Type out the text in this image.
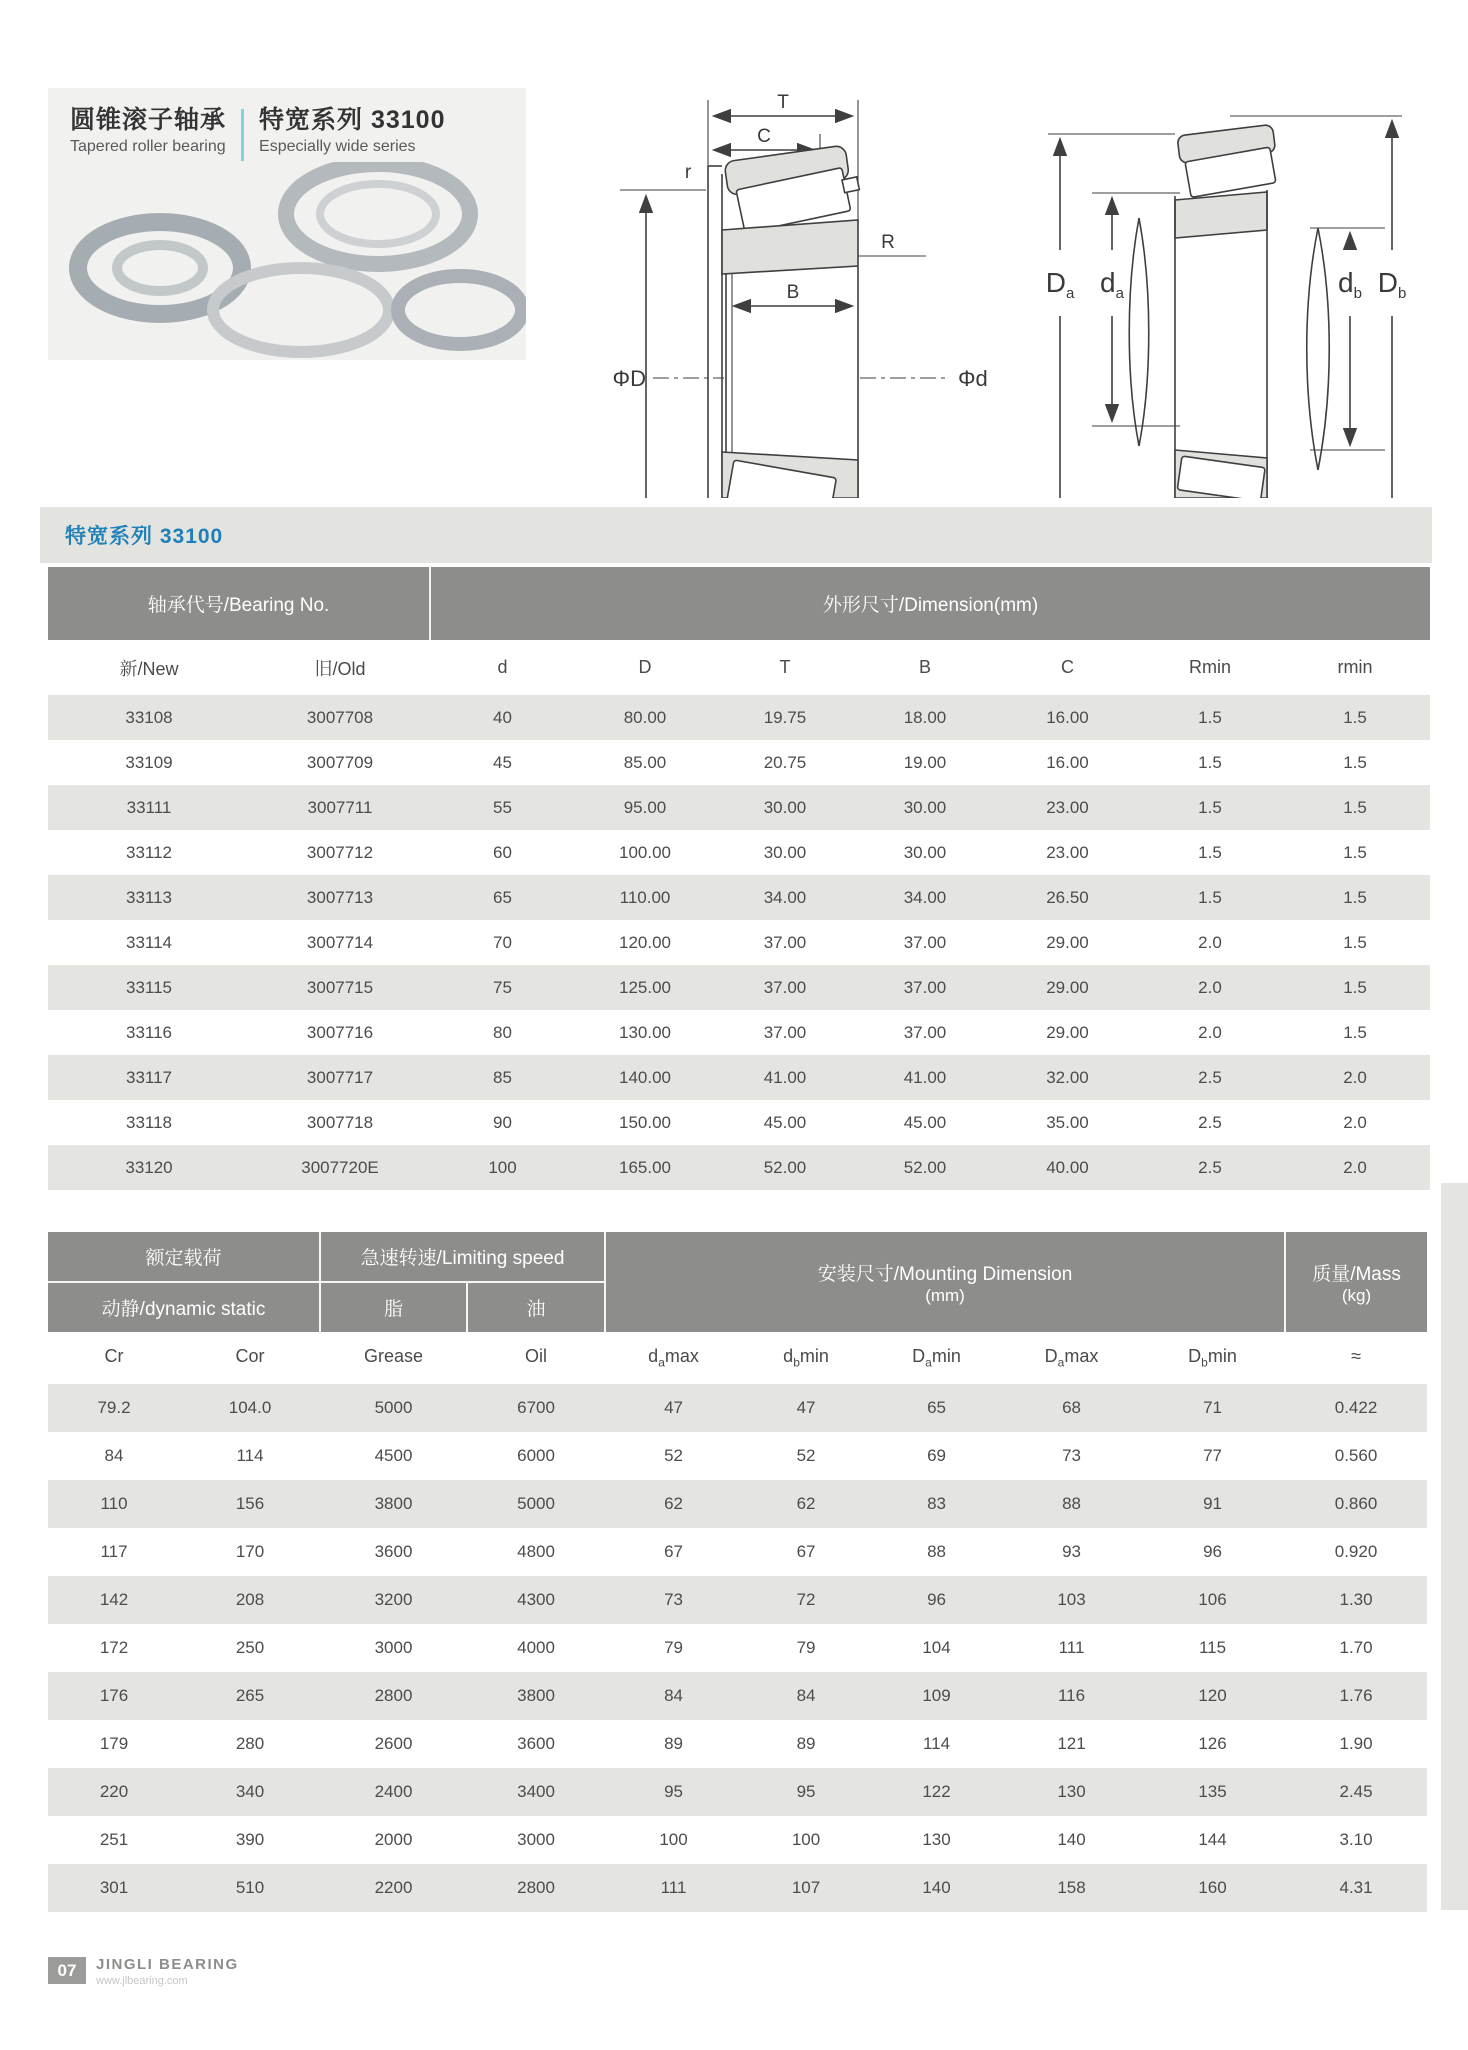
圆锥滚子轴承
Tapered roller bearing
特宽系列 33100
Especially wide series
T
C
r
R
B
ΦD	Φd
$D_a$ $d_a$	$d_b$ $D_b$
特宽系列 33100
轴承代号/Bearing No.		外形尺寸/Dimension(mm)						
新/New	旧/Old	d	D	T	B	C	Rmin	rmin
33108	3007708	40	80.00	19.75	18.00	16.00	1.5	1.5
33109	3007709	45	85.00	20.75	19.00	16.00	1.5	1.5
33111	3007711	55	95.00	30.00	30.00	23.00	1.5	1.5
33112	3007712	60	100.00	30.00	30.00	23.00	1.5	1.5
33113	3007713	65	110.00	34.00	34.00	26.50	1.5	1.5
33114	3007714	70	120.00	37.00	37.00	29.00	2.0	1.5
33115	3007715	75	125.00	37.00	37.00	29.00	2.0	1.5
33116	3007716	80	130.00	37.00	37.00	29.00	2.0	1.5
33117	3007717	85	140.00	41.00	41.00	32.00	2.5	2.0
33118	3007718	90	150.00	45.00	45.00	35.00	2.5	2.0
33120	3007720E	100	165.00	52.00	52.00	40.00	2.5	2.0
额定载荷	急速转速/Limiting speed	
安装尺寸/Mounting Dimension
(mm)

质量/Mass
(kg)

动静/dynamic static		脂	油						
Cr	Cor	Grease	Oil	$d_a\max$	$d_b\min$	$D_a\min$	$D_a\max$	$D_b\min$	≈
79.2	104.0	5000	6700	47	47	65	68	71	0.422
84	114	4500	6000	52	52	69	73	77	0.560
110	156	3800	5000	62	62	83	88	91	0.860
117	170	3600	4800	67	67	88	93	96	0.920
142	208	3200	4300	73	72	96	103	106	1.30
172	250	3000	4000	79	79	104	111	115	1.70
176	265	2800	3800	84	84	109	116	120	1.76
179	280	2600	3600	89	89	114	121	126	1.90
220	340	2400	3400	95	95	122	130	135	2.45
251	390	2000	3000	100	100	130	140	144	3.10
301	510	2200	2800	111	107	140	158	160	4.31
07	JINGLI BEARING
www.jlbearing.com
